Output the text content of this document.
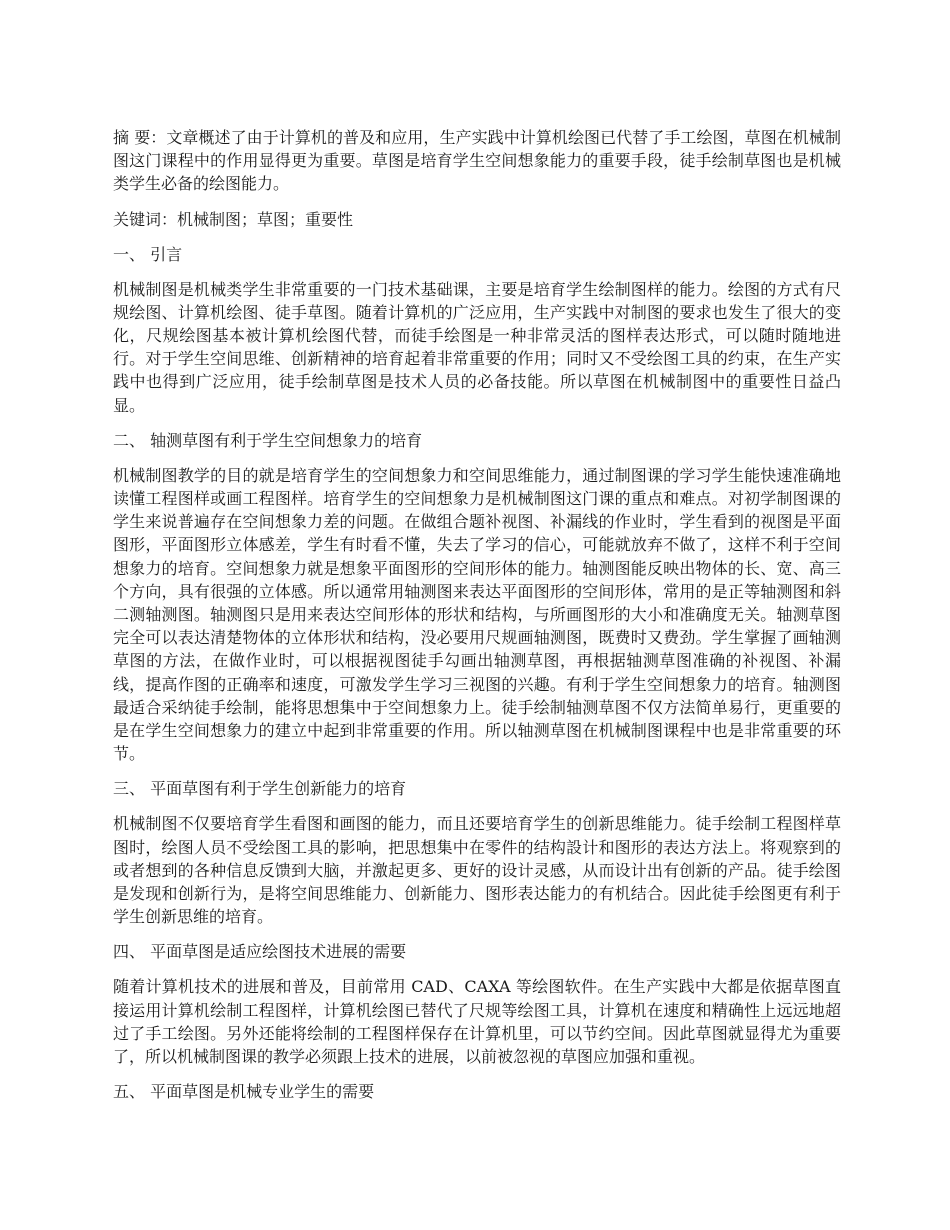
摘 要：文章概述了由于计算机的普及和应用，生产实践中计算机绘图已代替了手工绘图，草图在机械制图这门课程中的作用显得更为重要。草图是培育学生空间想象能力的重要手段，徒手绘制草图也是机械类学生必备的绘图能力。

关键词：机械制图；草图；重要性

一、 引言

机械制图是机械类学生非常重要的一门技术基础课，主要是培育学生绘制图样的能力。绘图的方式有尺规绘图、计算机绘图、徒手草图。随着计算机的广泛应用，生产实践中对制图的要求也发生了很大的变化，尺规绘图基本被计算机绘图代替，而徒手绘图是一种非常灵活的图样表达形式，可以随时随地进行。对于学生空间思维、创新精神的培育起着非常重要的作用；同时又不受绘图工具的约束，在生产实践中也得到广泛应用，徒手绘制草图是技术人员的必备技能。所以草图在机械制图中的重要性日益凸显。

二、 轴测草图有利于学生空间想象力的培育

机械制图教学的目的就是培育学生的空间想象力和空间思维能力，通过制图课的学习学生能快速准确地读懂工程图样或画工程图样。培育学生的空间想象力是机械制图这门课的重点和难点。对初学制图课的学生来说普遍存在空间想象力差的问题。在做组合题补视图、补漏线的作业时，学生看到的视图是平面图形，平面图形立体感差，学生有时看不懂，失去了学习的信心，可能就放弃不做了，这样不利于空间想象力的培育。空间想象力就是想象平面图形的空间形体的能力。轴测图能反映出物体的长、宽、高三个方向，具有很强的立体感。所以通常用轴测图来表达平面图形的空间形体，常用的是正等轴测图和斜二测轴测图。轴测图只是用来表达空间形体的形状和结构，与所画图形的大小和准确度无关。轴测草图完全可以表达清楚物体的立体形状和结构，没必要用尺规画轴测图，既费时又费劲。学生掌握了画轴测草图的方法，在做作业时，可以根据视图徒手勾画出轴测草图，再根据轴测草图准确的补视图、补漏线，提高作图的正确率和速度，可激发学生学习三视图的兴趣。有利于学生空间想象力的培育。轴测图最适合采纳徒手绘制，能将思想集中于空间想象力上。徒手绘制轴测草图不仅方法简单易行，更重要的是在学生空间想象力的建立中起到非常重要的作用。所以轴测草图在机械制图课程中也是非常重要的环节。

三、 平面草图有利于学生创新能力的培育

机械制图不仅要培育学生看图和画图的能力，而且还要培育学生的创新思维能力。徒手绘制工程图样草图时，绘图人员不受绘图工具的影响，把思想集中在零件的结构設计和图形的表达方法上。将观察到的或者想到的各种信息反馈到大脑，并激起更多、更好的设计灵感，从而设计出有创新的产品。徒手绘图是发现和创新行为，是将空间思维能力、创新能力、图形表达能力的有机结合。因此徒手绘图更有利于学生创新思维的培育。

四、 平面草图是适应绘图技术进展的需要

随着计算机技术的进展和普及，目前常用 CAD、CAXA 等绘图软件。在生产实践中大都是依据草图直接运用计算机绘制工程图样，计算机绘图已替代了尺规等绘图工具，计算机在速度和精确性上远远地超过了手工绘图。另外还能将绘制的工程图样保存在计算机里，可以节约空间。因此草图就显得尤为重要了，所以机械制图课的教学必须跟上技术的进展，以前被忽视的草图应加强和重视。

五、 平面草图是机械专业学生的需要
